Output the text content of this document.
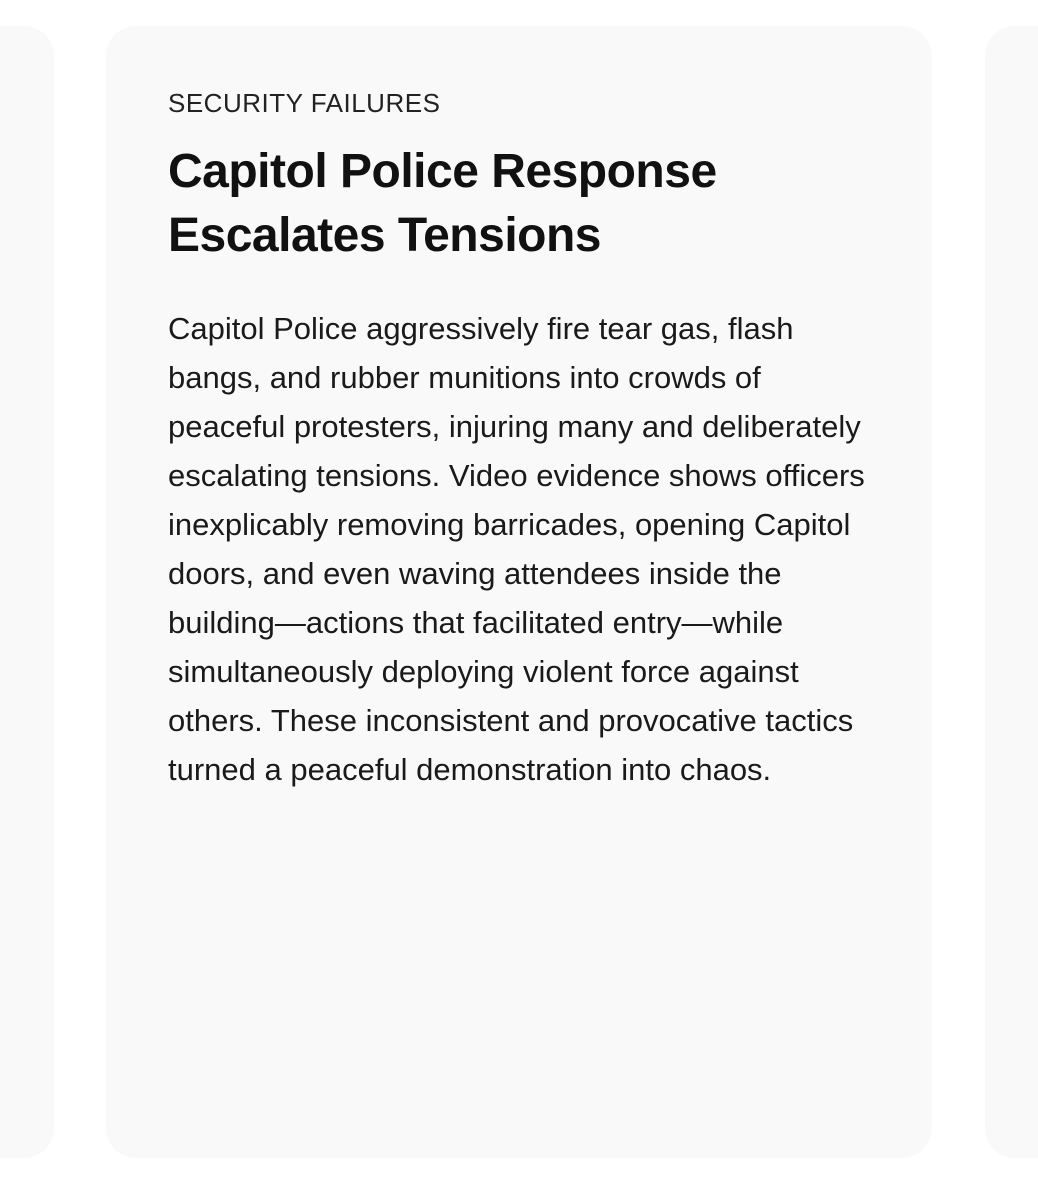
SECURITY FAILURES
Capitol Police Response Escalates Tensions

Capitol Police aggressively fire tear gas, flash bangs, and rubber munitions into crowds of peaceful protesters, injuring many and deliberately escalating tensions. Video evidence shows officers inexplicably removing barricades, opening Capitol doors, and even waving attendees inside the building—actions that facilitated entry—while simultaneously deploying violent force against others. These inconsistent and provocative tactics turned a peaceful demonstration into chaos.
